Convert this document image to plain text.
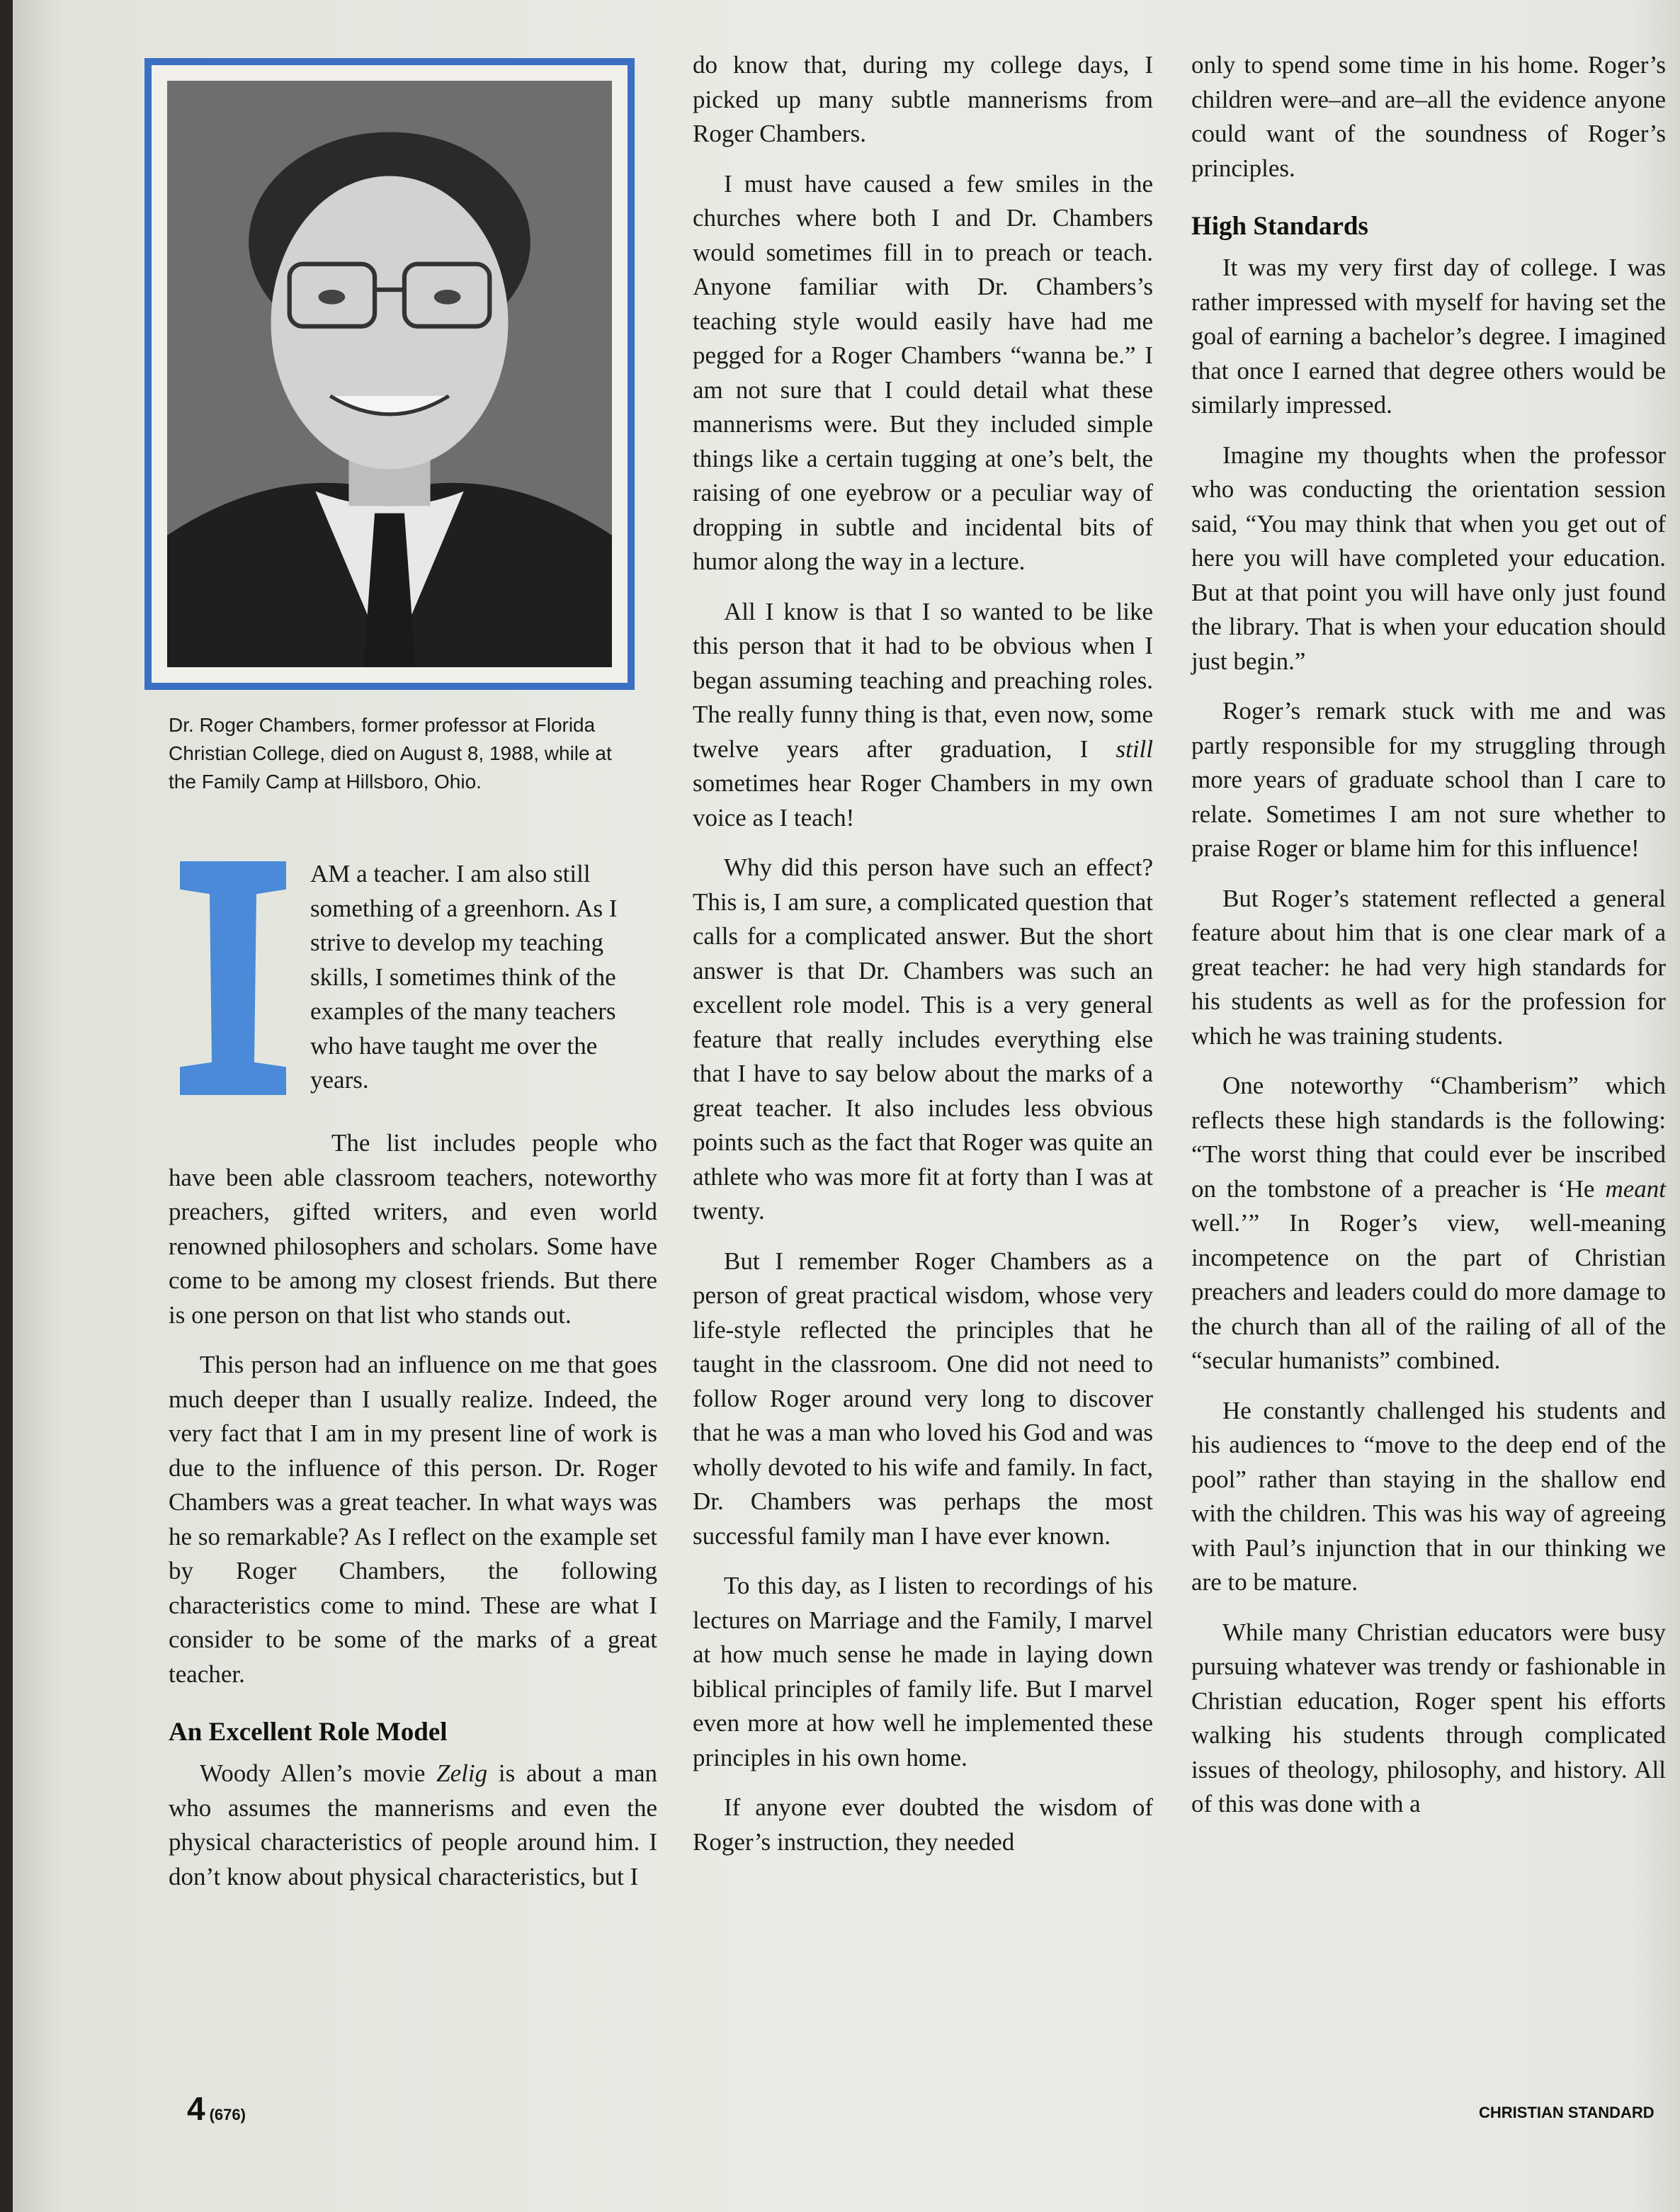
Dr. Roger Chambers, former professor at Florida Christian College, died on August 8, 1988, while at the Family Camp at Hillsboro, Ohio.
AM a teacher. I am also still something of a greenhorn. As I strive to develop my teaching skills, I sometimes think of the examples of the many teachers who have taught me over the years.

The list includes people who have been able classroom teachers, noteworthy preachers, gifted writers, and even world renowned philosophers and scholars. Some have come to be among my closest friends. But there is one person on that list who stands out.

This person had an influence on me that goes much deeper than I usually realize. Indeed, the very fact that I am in my present line of work is due to the influence of this person. Dr. Roger Chambers was a great teacher. In what ways was he so remarkable? As I reflect on the example set by Roger Chambers, the following characteristics come to mind. These are what I consider to be some of the marks of a great teacher.

An Excellent Role Model

Woody Allen’s movie Zelig is about a man who assumes the mannerisms and even the physical characteristics of people around him. I don’t know about physical characteristics, but I

do know that, during my college days, I picked up many subtle mannerisms from Roger Chambers.

I must have caused a few smiles in the churches where both I and Dr. Chambers would sometimes fill in to preach or teach. Anyone familiar with Dr. Chambers’s teaching style would easily have had me pegged for a Roger Chambers “wanna be.” I am not sure that I could detail what these mannerisms were. But they included simple things like a certain tugging at one’s belt, the raising of one eyebrow or a peculiar way of dropping in subtle and incidental bits of humor along the way in a lecture.

All I know is that I so wanted to be like this person that it had to be obvious when I began assuming teaching and preaching roles. The really funny thing is that, even now, some twelve years after graduation, I still sometimes hear Roger Chambers in my own voice as I teach!

Why did this person have such an effect? This is, I am sure, a complicated question that calls for a complicated answer. But the short answer is that Dr. Chambers was such an excellent role model. This is a very general feature that really includes everything else that I have to say below about the marks of a great teacher. It also includes less obvious points such as the fact that Roger was quite an athlete who was more fit at forty than I was at twenty.

But I remember Roger Chambers as a person of great practical wisdom, whose very life-style reflected the principles that he taught in the classroom. One did not need to follow Roger around very long to discover that he was a man who loved his God and was wholly devoted to his wife and family. In fact, Dr. Chambers was perhaps the most successful family man I have ever known.

To this day, as I listen to recordings of his lectures on Marriage and the Family, I marvel at how much sense he made in laying down biblical principles of family life. But I marvel even more at how well he implemented these principles in his own home.

If anyone ever doubted the wisdom of Roger’s instruction, they needed

only to spend some time in his home. Roger’s children were–and are–all the evidence anyone could want of the soundness of Roger’s principles.

High Standards

It was my very first day of college. I was rather impressed with myself for having set the goal of earning a bachelor’s degree. I imagined that once I earned that degree others would be similarly impressed.

Imagine my thoughts when the professor who was conducting the orientation session said, “You may think that when you get out of here you will have completed your education. But at that point you will have only just found the library. That is when your education should just begin.”

Roger’s remark stuck with me and was partly responsible for my struggling through more years of graduate school than I care to relate. Sometimes I am not sure whether to praise Roger or blame him for this influence!

But Roger’s statement reflected a general feature about him that is one clear mark of a great teacher: he had very high standards for his students as well as for the profession for which he was training students.

One noteworthy “Chamberism” which reflects these high standards is the following: “The worst thing that could ever be inscribed on the tombstone of a preacher is ‘He meant well.’” In Roger’s view, well-meaning incompetence on the part of Christian preachers and leaders could do more damage to the church than all of the railing of all of the “secular humanists” combined.

He constantly challenged his students and his audiences to “move to the deep end of the pool” rather than staying in the shallow end with the children. This was his way of agreeing with Paul’s injunction that in our thinking we are to be mature.

While many Christian educators were busy pursuing whatever was trendy or fashionable in Christian education, Roger spent his efforts walking his students through complicated issues of theology, philosophy, and history. All of this was done with a

4 (676)	CHRISTIAN STANDARD
